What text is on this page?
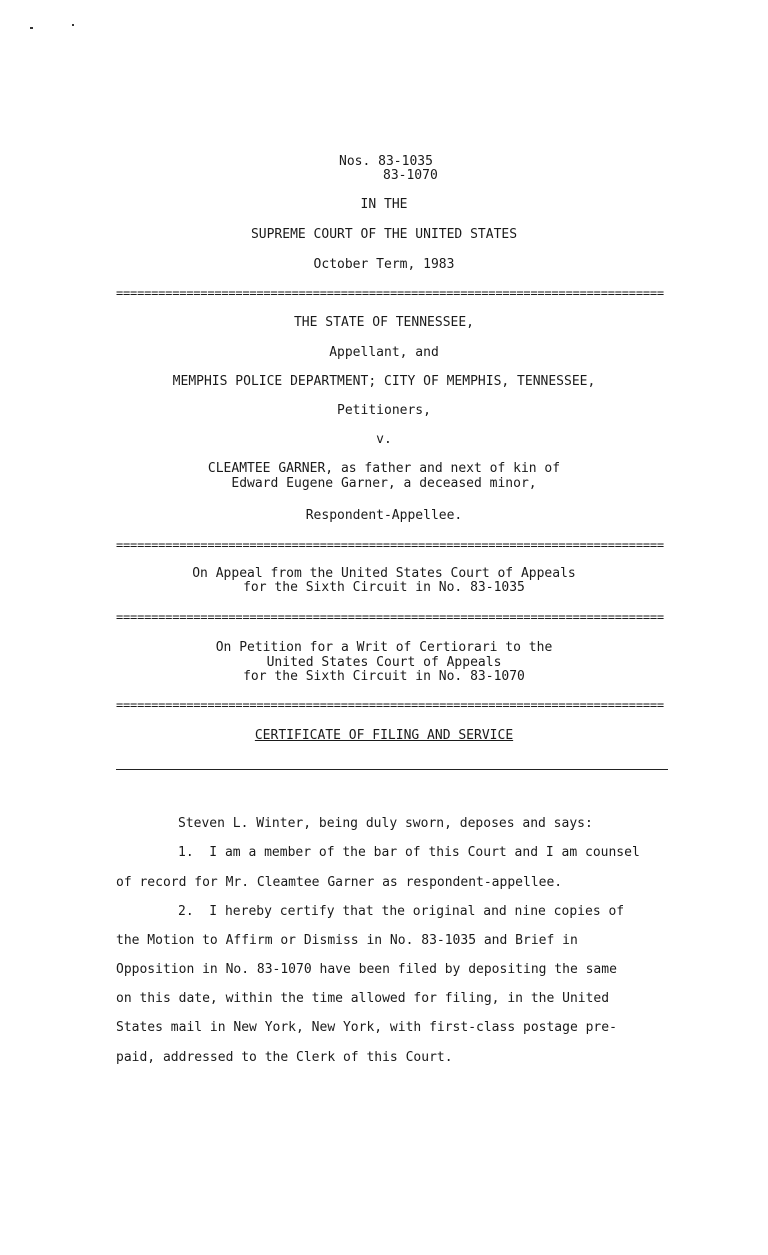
Nos. 83-1035
83-1070
IN THE
SUPREME COURT OF THE UNITED STATES
October Term, 1983
==============================================================================
THE STATE OF TENNESSEE,
Appellant, and
MEMPHIS POLICE DEPARTMENT; CITY OF MEMPHIS, TENNESSEE,
Petitioners,
v.
CLEAMTEE GARNER, as father and next of kin of
Edward Eugene Garner, a deceased minor,
Respondent-Appellee.
==============================================================================
On Appeal from the United States Court of Appeals
for the Sixth Circuit in No. 83-1035
==============================================================================
On Petition for a Writ of Certiorari to the
United States Court of Appeals
for the Sixth Circuit in No. 83-1070
==============================================================================
CERTIFICATE OF FILING AND SERVICE
Steven L. Winter, being duly sworn, deposes and says:
1.  I am a member of the bar of this Court and I am counsel
of record for Mr. Cleamtee Garner as respondent-appellee.
2.  I hereby certify that the original and nine copies of
the Motion to Affirm or Dismiss in No. 83-1035 and Brief in
Opposition in No. 83-1070 have been filed by depositing the same
on this date, within the time allowed for filing, in the United
States mail in New York, New York, with first-class postage pre-
paid, addressed to the Clerk of this Court.
